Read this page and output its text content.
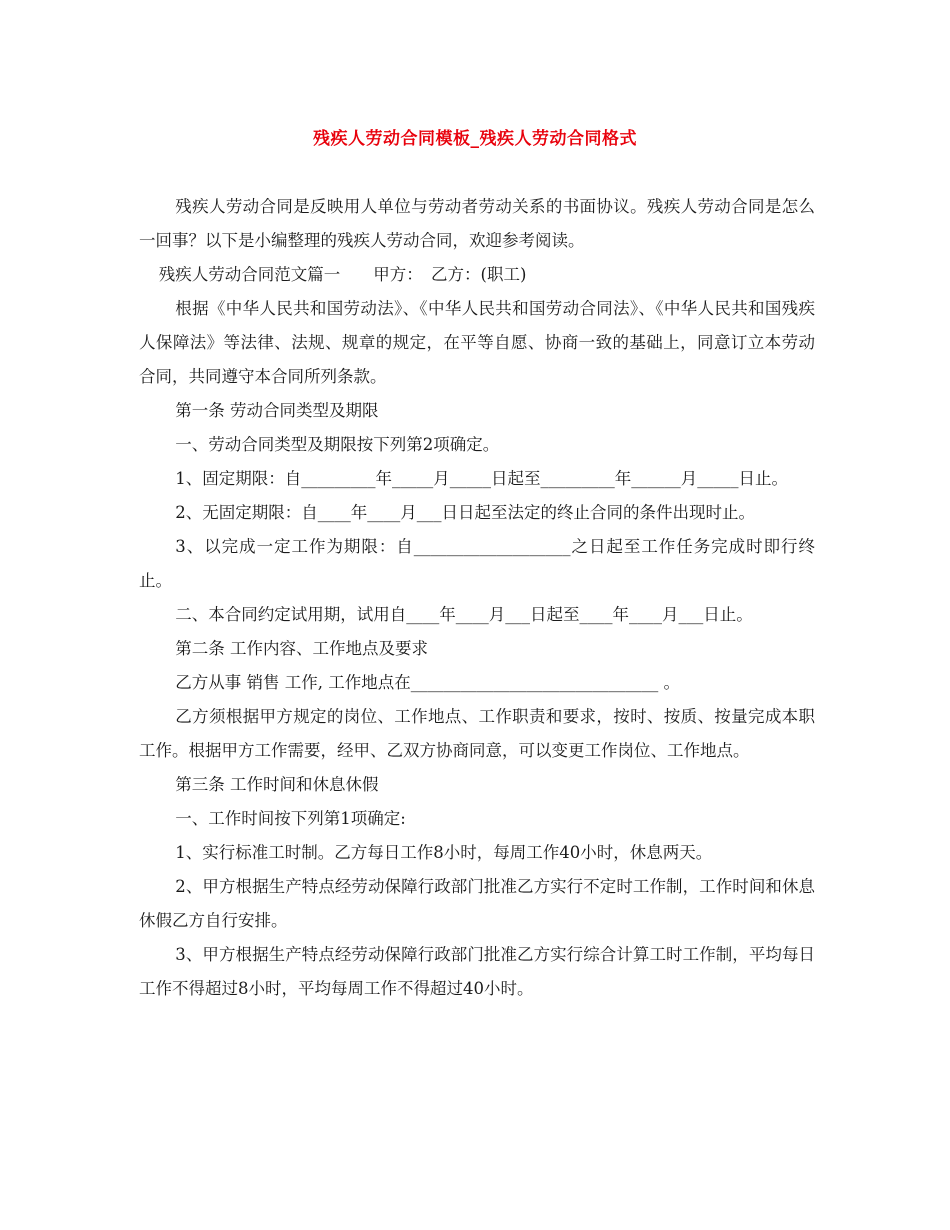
残疾人劳动合同模板_残疾人劳动合同格式

残疾人劳动合同是反映用人单位与劳动者劳动关系的书面协议。残疾人劳动合同是怎么一回事？以下是小编整理的残疾人劳动合同，欢迎参考阅读。

残疾人劳动合同范文篇一　　甲方：　乙方：(职工)

根据《中华人民共和国劳动法》、《中华人民共和国劳动合同法》、《中华人民共和国残疾人保障法》等法律、法规、规章的规定，在平等自愿、协商一致的基础上，同意订立本劳动合同，共同遵守本合同所列条款。

第一条 劳动合同类型及期限

一、劳动合同类型及期限按下列第2项确定。

1、固定期限：自_________年_____月_____日起至_________年______月_____日止。

2、无固定期限：自____年____月___日日起至法定的终止合同的条件出现时止。

3、以完成一定工作为期限：自___________________之日起至工作任务完成时即行终止。

二、本合同约定试用期，试用自____年____月___日起至____年____月___日止。

第二条 工作内容、工作地点及要求

乙方从事 销售 工作, 工作地点在______________________________ 。

乙方须根据甲方规定的岗位、工作地点、工作职责和要求，按时、按质、按量完成本职工作。根据甲方工作需要，经甲、乙双方协商同意，可以变更工作岗位、工作地点。

第三条 工作时间和休息休假

一、工作时间按下列第1项确定:

1、实行标准工时制。乙方每日工作8小时，每周工作40小时，休息两天。

2、甲方根据生产特点经劳动保障行政部门批准乙方实行不定时工作制，工作时间和休息休假乙方自行安排。

3、甲方根据生产特点经劳动保障行政部门批准乙方实行综合计算工时工作制，平均每日工作不得超过8小时，平均每周工作不得超过40小时。
